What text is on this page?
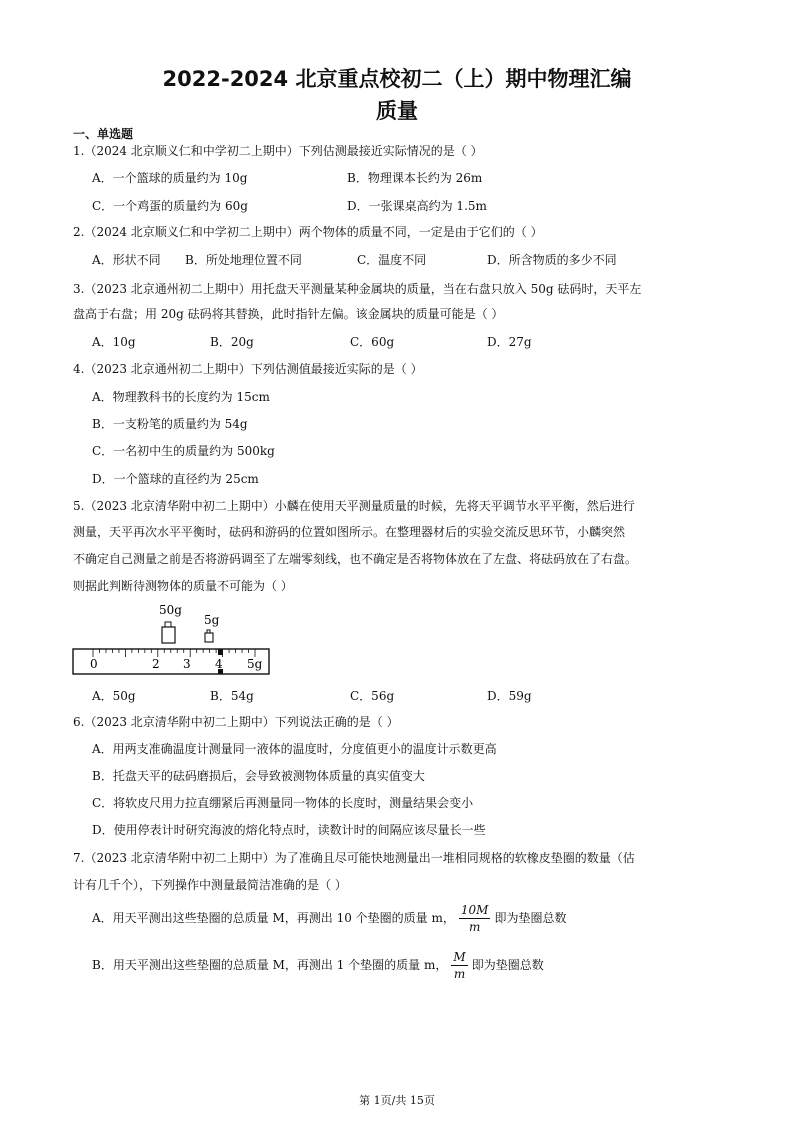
2022-2024 北京重点校初二（上）期中物理汇编
质量
一、单选题
1.（2024 北京顺义仁和中学初二上期中）下列估测最接近实际情况的是（ ）
A．一个篮球的质量约为 10g	B．物理课本长约为 26m
C．一个鸡蛋的质量约为 60g	D．一张课桌高约为 1.5m
2.（2024 北京顺义仁和中学初二上期中）两个物体的质量不同，一定是由于它们的（ ）
A．形状不同 B．所处地理位置不同	C．温度不同	D．所含物质的多少不同
3.（2023 北京通州初二上期中）用托盘天平测量某种金属块的质量，当在右盘只放入 50g 砝码时，天平左
盘高于右盘；用 20g 砝码将其替换，此时指针左偏。该金属块的质量可能是（ ）
A．10g	B．20g	C．60g	D．27g
4.（2023 北京通州初二上期中）下列估测值最接近实际的是（ ）
A．物理教科书的长度约为 15cm
B．一支粉笔的质量约为 54g
C．一名初中生的质量约为 500kg
D．一个篮球的直径约为 25cm
5.（2023 北京清华附中初二上期中）小麟在使用天平测量质量的时候，先将天平调节水平平衡，然后进行
测量，天平再次水平平衡时，砝码和游码的位置如图所示。在整理器材后的实验交流反思环节，小麟突然
不确定自己测量之前是否将游码调至了左端零刻线，也不确定是否将物体放在了左盘、将砝码放在了右盘。
则据此判断待测物体的质量不可能为（ ）
50g
5g
0	2 3 4 5g
A．50g	B．54g	C．56g	D．59g
6.（2023 北京清华附中初二上期中）下列说法正确的是（ ）
A．用两支准确温度计测量同一液体的温度时，分度值更小的温度计示数更高
B．托盘天平的砝码磨损后，会导致被测物体质量的真实值变大
C．将软皮尺用力拉直绷紧后再测量同一物体的长度时，测量结果会变小
D．使用停表计时研究海波的熔化特点时，读数计时的间隔应该尽量长一些
7.（2023 北京清华附中初二上期中）为了准确且尽可能快地测量出一堆相同规格的软橡皮垫圈的数量（估
计有几千个），下列操作中测量最简洁准确的是（ ）
A．用天平测出这些垫圈的总质量 M，再测出 10 个垫圈的质量 m， $\frac{10M}{m}$ 即为垫圈总数
B．用天平测出这些垫圈的总质量 M，再测出 1 个垫圈的质量 m， $\frac{M}{m}$ 即为垫圈总数
第 1页/共 15页
